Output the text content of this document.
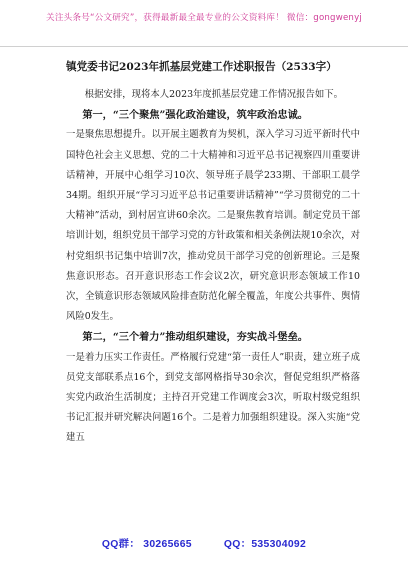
关注头条号“公文研究”，获得最新最全最专业的公文资料库！ 微信：gongwenyj
镇党委书记2023年抓基层党建工作述职报告（2533字）

根据安排，现将本人2023年度抓基层党建工作情况报告如下。

第一，“三个聚焦”强化政治建设，筑牢政治忠诚。

一是聚焦思想提升。以开展主题教育为契机，深入学习习近平新时代中国特色社会主义思想、党的二十大精神和习近平总书记视察四川重要讲话精神，开展中心组学习10次、领导班子晨学233期、干部职工晨学34期。组织开展“学习习近平总书记重要讲话精神”“学习贯彻党的二十大精神”活动，到村居宣讲60余次。二是聚焦教育培训。制定党员干部培训计划，组织党员干部学习党的方针政策和相关条例法规10余次，对村党组织书记集中培训7次，推动党员干部学习党的创新理论。三是聚焦意识形态。召开意识形态工作会议2次，研究意识形态领域工作10次，全镇意识形态领域风险排查防范化解全覆盖，年度公共事件、舆情风险0发生。

第二，“三个着力”推动组织建设，夯实战斗堡垒。

一是着力压实工作责任。严格履行党建“第一责任人”职责，建立班子成员党支部联系点16个，到党支部网格指导30余次，督促党组织严格落实党内政治生活制度；主持召开党建工作调度会3次，听取村级党组织书记汇报并研究解决问题16个。二是着力加强组织建设。深入实施“党建五

QQ群： 30265665	QQ：535304092
